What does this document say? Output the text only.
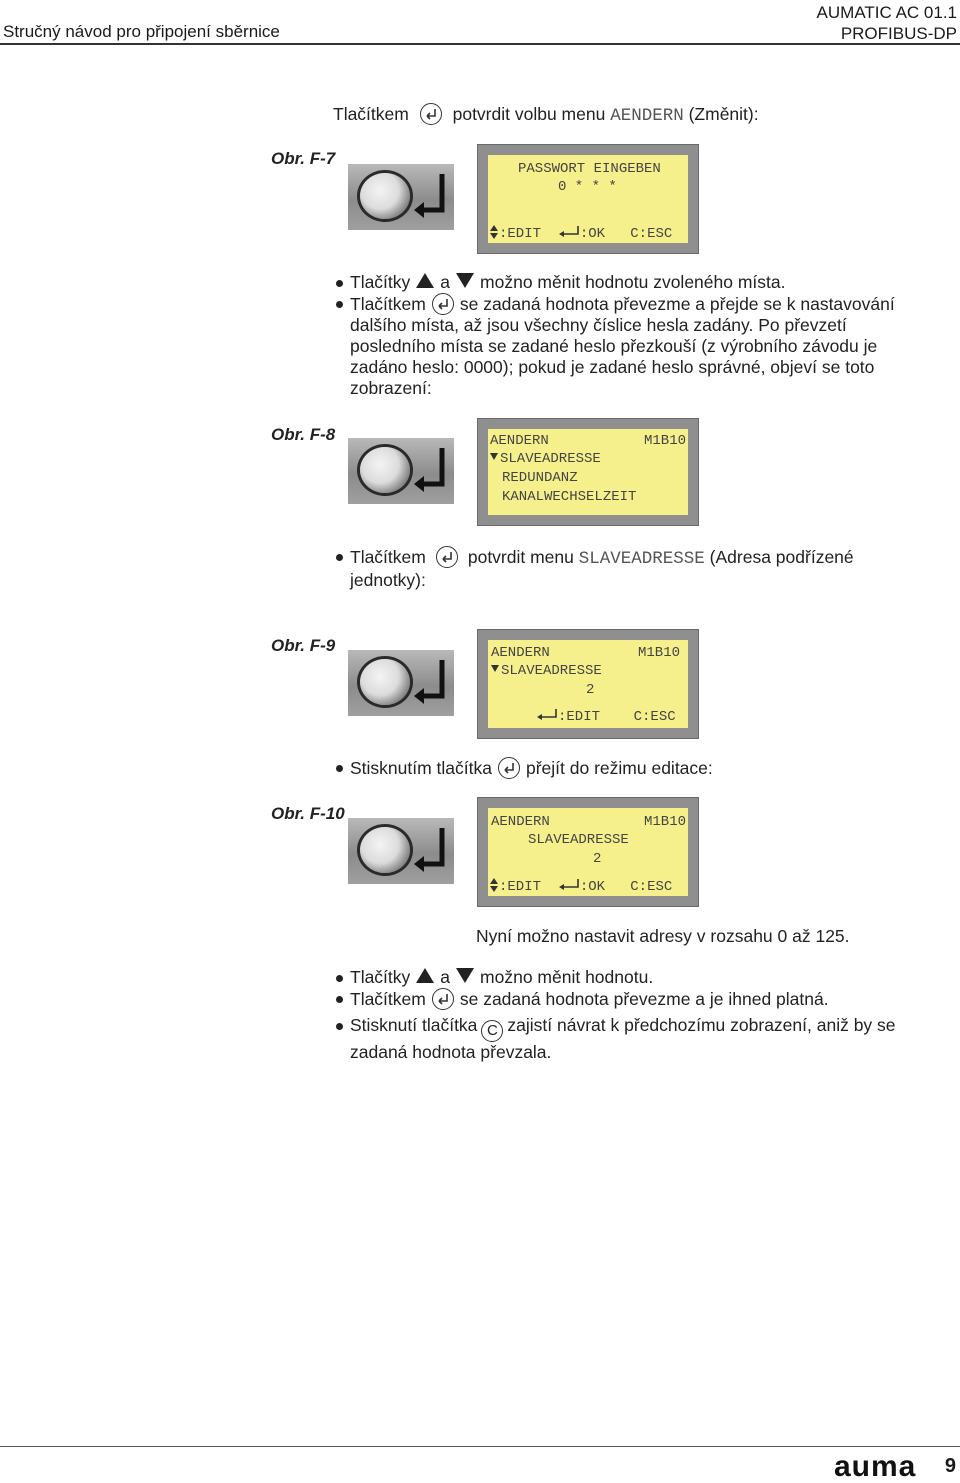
Stručný návod pro připojení sběrnice
AUMATIC AC 01.1
PROFIBUS-DP
Tlačítkem	potvrdit volbu menu AENDERN (Změnit):
Obr. F-7
PASSWORT EINGEBEN
0 * * *
:EDIT	:OK C:ESC
Tlačítky a možno měnit hodnotu zvoleného místa.
Tlačítkem se zadaná hodnota převezme a přejde se k nastavování
dalšího místa, až jsou všechny číslice hesla zadány. Po převzetí
posledního místa se zadané heslo přezkouší (z výrobního závodu je
zadáno heslo: 0000); pokud je zadané heslo správné, objeví se toto
zobrazení:
Obr. F-8	AENDERN	M1B10
SLAVEADRESSE
REDUNDANZ
KANALWECHSELZEIT
Tlačítkem potvrdit menu SLAVEADRESSE (Adresa podřízené
jednotky):
Obr. F-9	AENDERN	M1B10
SLAVEADRESSE
2
:EDIT C:ESC
Stisknutím tlačítka přejít do režimu editace:
Obr. F-10	AENDERN	M1B10
SLAVEADRESSE
2
:EDIT	:OK C:ESC
Nyní možno nastavit adresy v rozsahu 0 až 125.
Tlačítky a možno měnit hodnotu.
Tlačítkem se zadaná hodnota převezme a je ihned platná.
Stisknutí tlačítka C zajistí návrat k předchozímu zobrazení, aniž by se
zadaná hodnota převzala.
auma 9
